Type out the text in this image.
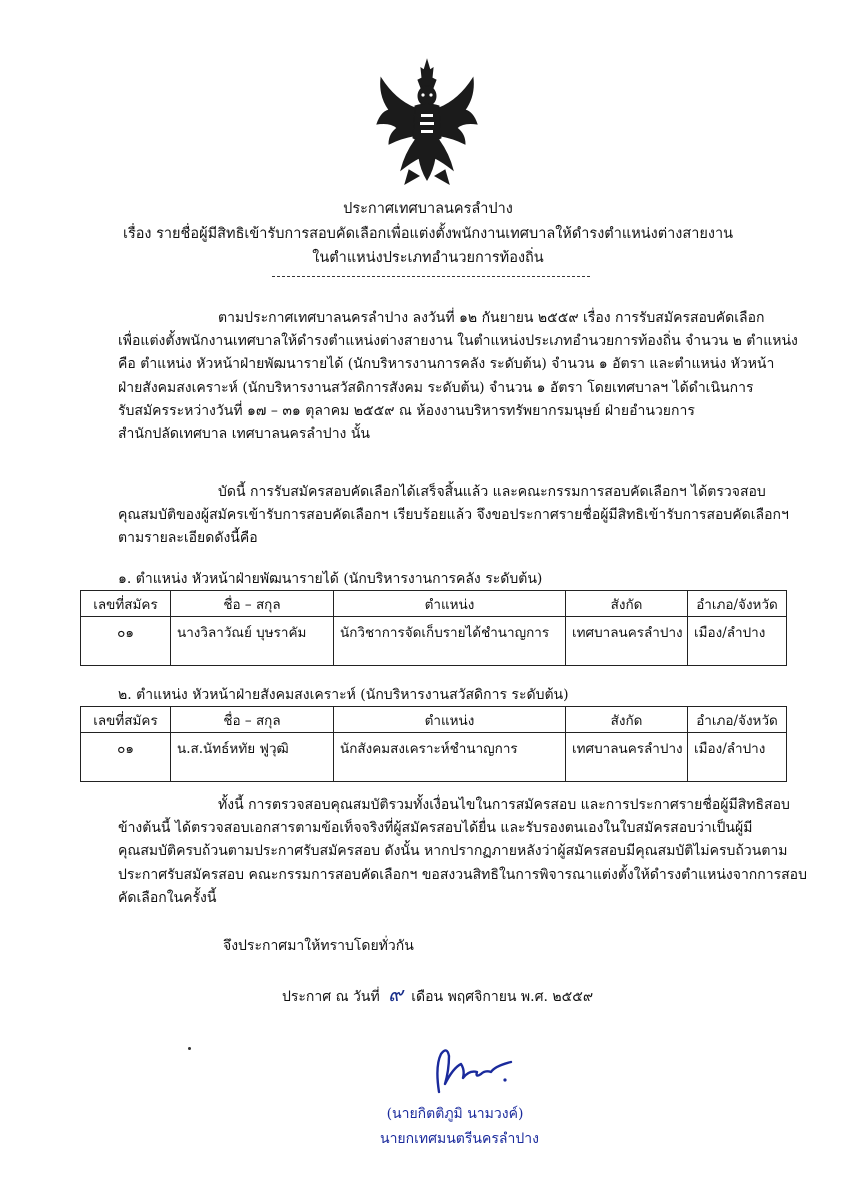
ประกาศเทศบาลนครลำปาง
เรื่อง รายชื่อผู้มีสิทธิเข้ารับการสอบคัดเลือกเพื่อแต่งตั้งพนักงานเทศบาลให้ดำรงตำแหน่งต่างสายงาน
ในตำแหน่งประเภทอำนวยการท้องถิ่น
ตามประกาศเทศบาลนครลำปาง ลงวันที่ ๑๒ กันยายน ๒๕๕๙ เรื่อง การรับสมัครสอบคัดเลือก
เพื่อแต่งตั้งพนักงานเทศบาลให้ดำรงตำแหน่งต่างสายงาน ในตำแหน่งประเภทอำนวยการท้องถิ่น จำนวน ๒ ตำแหน่ง
คือ ตำแหน่ง หัวหน้าฝ่ายพัฒนารายได้ (นักบริหารงานการคลัง ระดับต้น) จำนวน ๑ อัตรา และตำแหน่ง หัวหน้า
ฝ่ายสังคมสงเคราะห์ (นักบริหารงานสวัสดิการสังคม ระดับต้น) จำนวน ๑ อัตรา โดยเทศบาลฯ ได้ดำเนินการ
รับสมัครระหว่างวันที่ ๑๗ – ๓๑ ตุลาคม ๒๕๕๙ ณ ห้องงานบริหารทรัพยากรมนุษย์ ฝ่ายอำนวยการ
สำนักปลัดเทศบาล เทศบาลนครลำปาง นั้น
บัดนี้ การรับสมัครสอบคัดเลือกได้เสร็จสิ้นแล้ว และคณะกรรมการสอบคัดเลือกฯ ได้ตรวจสอบ
คุณสมบัติของผู้สมัครเข้ารับการสอบคัดเลือกฯ เรียบร้อยแล้ว จึงขอประกาศรายชื่อผู้มีสิทธิเข้ารับการสอบคัดเลือกฯ
ตามรายละเอียดดังนี้คือ
๑. ตำแหน่ง หัวหน้าฝ่ายพัฒนารายได้ (นักบริหารงานการคลัง ระดับต้น)
เลขที่สมัคร	ชื่อ – สกุล	ตำแหน่ง	สังกัด	อำเภอ/จังหวัด
๐๑	นางวิลาวัณย์ บุษราคัม	นักวิชาการจัดเก็บรายได้ชำนาญการ	เทศบาลนครลำปาง	เมือง/ลำปาง
๒. ตำแหน่ง หัวหน้าฝ่ายสังคมสงเคราะห์ (นักบริหารงานสวัสดิการ ระดับต้น)
เลขที่สมัคร	ชื่อ – สกุล	ตำแหน่ง	สังกัด	อำเภอ/จังหวัด
๐๑	น.ส.นัทธ์หทัย ฟูวุฒิ	นักสังคมสงเคราะห์ชำนาญการ	เทศบาลนครลำปาง	เมือง/ลำปาง
ทั้งนี้ การตรวจสอบคุณสมบัติรวมทั้งเงื่อนไขในการสมัครสอบ และการประกาศรายชื่อผู้มีสิทธิสอบ
ข้างต้นนี้ ได้ตรวจสอบเอกสารตามข้อเท็จจริงที่ผู้สมัครสอบได้ยื่น และรับรองตนเองในใบสมัครสอบว่าเป็นผู้มี
คุณสมบัติครบถ้วนตามประกาศรับสมัครสอบ ดังนั้น หากปรากฏภายหลังว่าผู้สมัครสอบมีคุณสมบัติไม่ครบถ้วนตาม
ประกาศรับสมัครสอบ คณะกรรมการสอบคัดเลือกฯ ขอสงวนสิทธิในการพิจารณาแต่งตั้งให้ดำรงตำแหน่งจากการสอบ
คัดเลือกในครั้งนี้
จึงประกาศมาให้ทราบโดยทั่วกัน
ประกาศ ณ วันที่ ๙ เดือน พฤศจิกายน พ.ศ. ๒๕๕๙
(นายกิตติภูมิ นามวงค์)
นายกเทศมนตรีนครลำปาง
